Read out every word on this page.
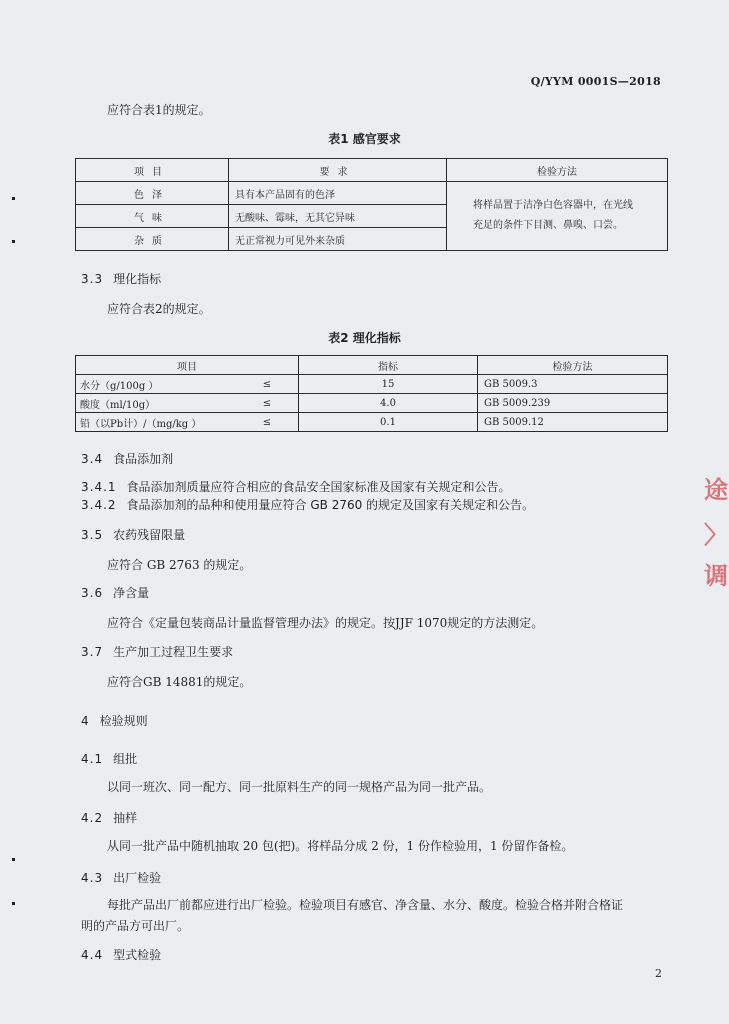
Q/YYM 0001S—2018
应符合表1的规定。
表1 感官要求
项目	要求	检验方法
色泽	具有本产品固有的色泽	将样品置于洁净白色容器中，在光线充足的条件下目测、鼻嗅、口尝。
气味	无酸味、霉味，无其它异味	
杂质	无正常视力可见外来杂质	
3.3 理化指标
应符合表2的规定。
表2 理化指标
项目		指标	检验方法
水分（g/100g ）	≤	15	GB 5009.3
酸度（ml/10g）	≤	4.0	GB 5009.239
铅（以Pb计）/（mg/kg ）	≤	0.1	GB 5009.12
3.4 食品添加剂
3.4.1 食品添加剂质量应符合相应的食品安全国家标准及国家有关规定和公告。
3.4.2 食品添加剂的品种和使用量应符合 GB 2760 的规定及国家有关规定和公告。
3.5 农药残留限量
应符合 GB 2763 的规定。
3.6 净含量
应符合《定量包装商品计量监督管理办法》的规定。按JJF 1070规定的方法测定。
3.7 生产加工过程卫生要求
应符合GB 14881的规定。
4 检验规则
4.1 组批
以同一班次、同一配方、同一批原料生产的同一规格产品为同一批产品。
4.2 抽样
从同一批产品中随机抽取 20 包(把)。将样品分成 2 份，1 份作检验用，1 份留作备检。
4.3 出厂检验
每批产品出厂前都应进行出厂检验。检验项目有感官、净含量、水分、酸度。检验合格并附合格证
明的产品方可出厂。
4.4 型式检验
2
途
〉
调
